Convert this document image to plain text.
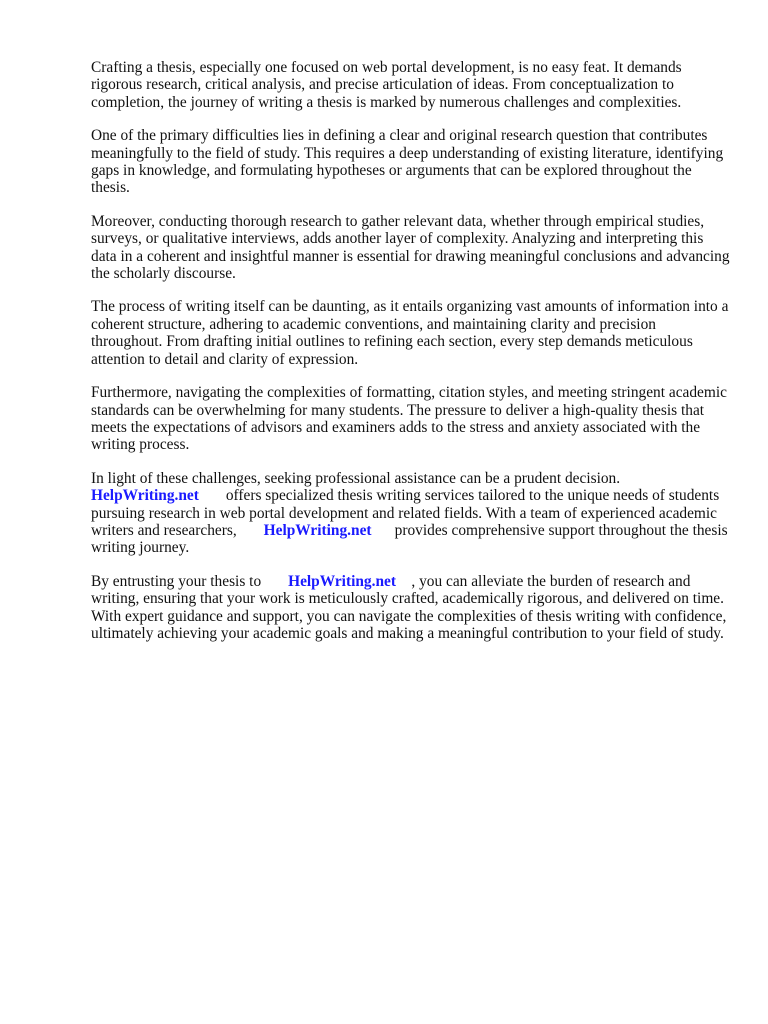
Crafting a thesis, especially one focused on web portal development, is no easy feat. It demands rigorous research, critical analysis, and precise articulation of ideas. From conceptualization to completion, the journey of writing a thesis is marked by numerous challenges and complexities.

One of the primary difficulties lies in defining a clear and original research question that contributes meaningfully to the field of study. This requires a deep understanding of existing literature, identifying gaps in knowledge, and formulating hypotheses or arguments that can be explored throughout the thesis.

Moreover, conducting thorough research to gather relevant data, whether through empirical studies, surveys, or qualitative interviews, adds another layer of complexity. Analyzing and interpreting this data in a coherent and insightful manner is essential for drawing meaningful conclusions and advancing the scholarly discourse.

The process of writing itself can be daunting, as it entails organizing vast amounts of information into a coherent structure, adhering to academic conventions, and maintaining clarity and precision throughout. From drafting initial outlines to refining each section, every step demands meticulous attention to detail and clarity of expression.

Furthermore, navigating the complexities of formatting, citation styles, and meeting stringent academic standards can be overwhelming for many students. The pressure to deliver a high-quality thesis that meets the expectations of advisors and examiners adds to the stress and anxiety associated with the writing process.

In light of these challenges, seeking professional assistance can be a prudent decision.
HelpWriting.net offers specialized thesis writing services tailored to the unique needs of students pursuing research in web portal development and related fields. With a team of experienced academic writers and researchers, HelpWriting.net provides comprehensive support throughout the thesis writing journey.

By entrusting your thesis to HelpWriting.net , you can alleviate the burden of research and writing, ensuring that your work is meticulously crafted, academically rigorous, and delivered on time. With expert guidance and support, you can navigate the complexities of thesis writing with confidence, ultimately achieving your academic goals and making a meaningful contribution to your field of study.
